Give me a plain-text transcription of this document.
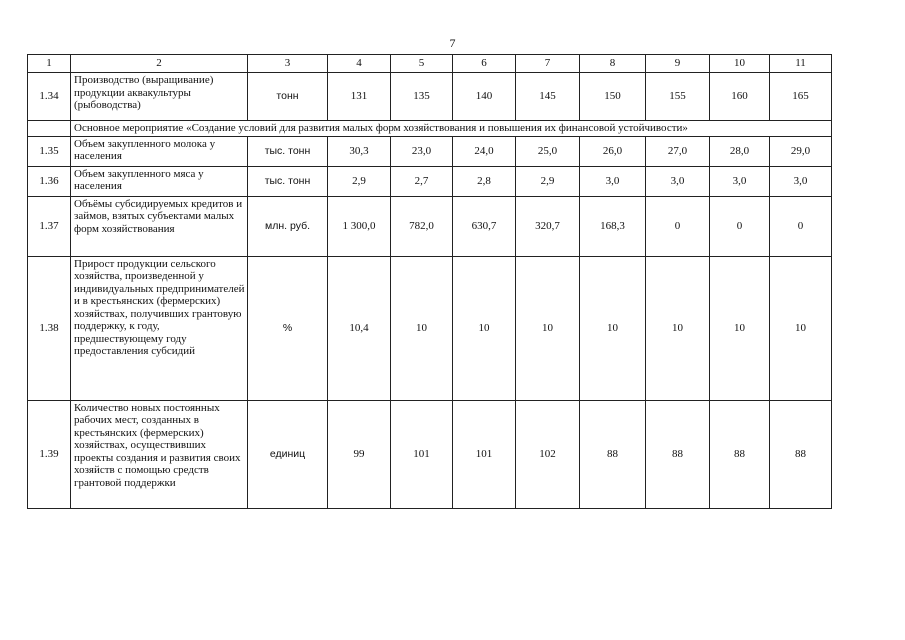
7
1	2	3	4	5	6	7	8	9	10	11
1.34	Производство (выращивание) продукции аквакультуры (рыбоводства)	тонн	131	135	140	145	150	155	160	165
	Основное мероприятие «Создание условий для развития малых форм хозяйствования и повышения их финансовой устойчивости»									
1.35	Объем закупленного молока у населения	тыс. тонн	30,3	23,0	24,0	25,0	26,0	27,0	28,0	29,0
1.36	Объем закупленного мяса у населения	тыс. тонн	2,9	2,7	2,8	2,9	3,0	3,0	3,0	3,0
1.37	Объёмы субсидируемых кредитов и займов, взятых субъектами малых форм хозяйствования	млн. руб.	1 300,0	782,0	630,7	320,7	168,3	0	0	0
1.38	Прирост продукции сельского хозяйства, произведенной у индивидуальных предпринимателей и в крестьянских (фермерских) хозяйствах, получивших грантовую поддержку, к году, предшествующему году предоставления субсидий	%	10,4	10	10	10	10	10	10	10
1.39	Количество новых постоянных рабочих мест, созданных в крестьянских (фермерских) хозяйствах, осуществивших проекты создания и развития своих хозяйств с помощью средств грантовой поддержки	единиц	99	101	101	102	88	88	88	88
